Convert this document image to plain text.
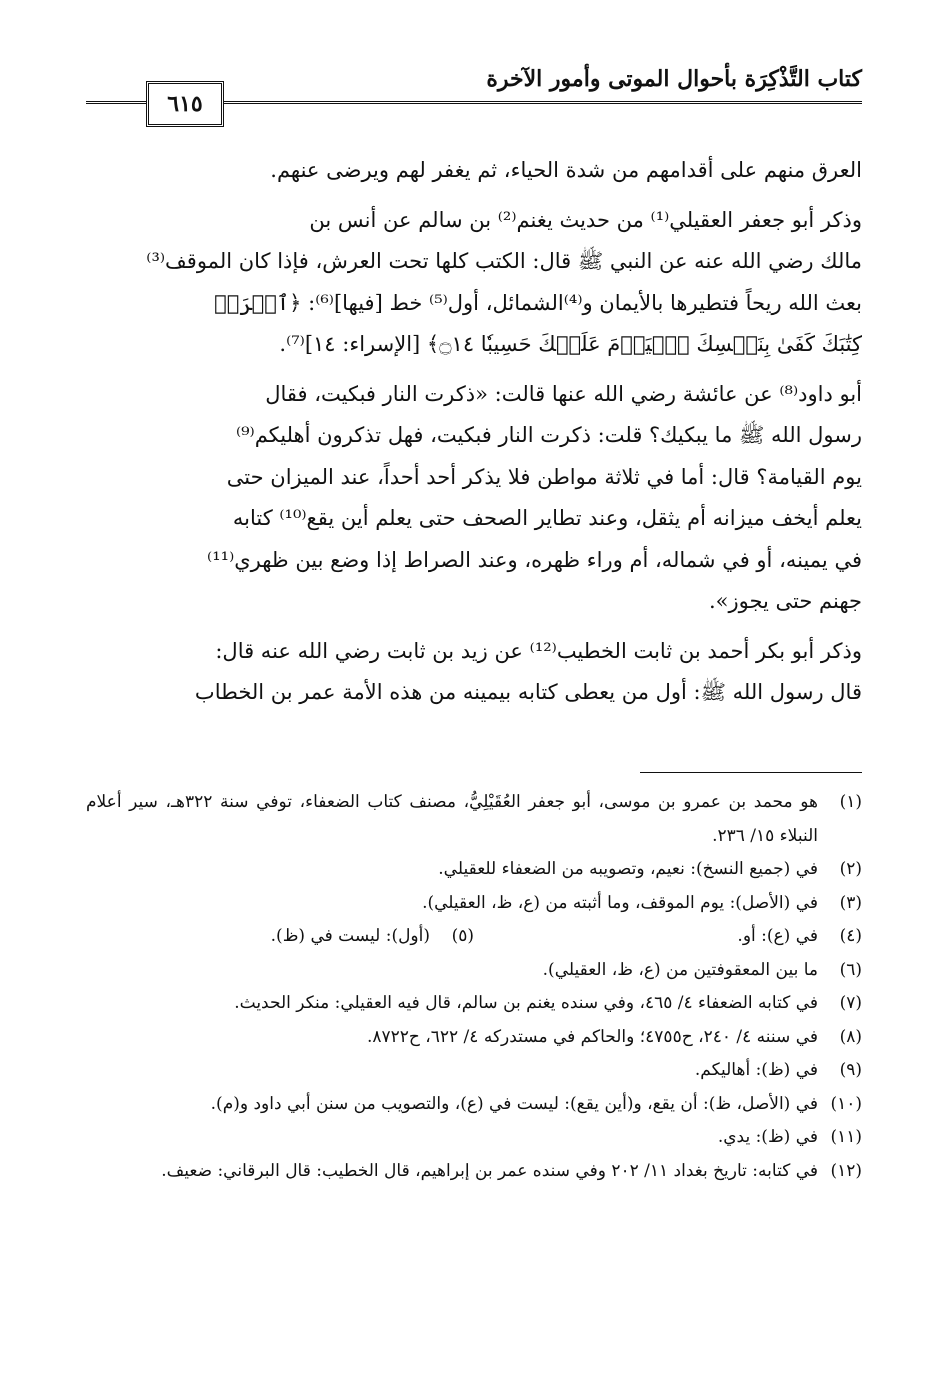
كتاب التَّذْكِرَة بأحوال الموتى وأمور الآخرة
٦١٥

العرق منهم على أقدامهم من شدة الحياء، ثم يغفر لهم ويرضى عنهم.

وذكر أبو جعفر العقيلي⁽¹⁾ من حديث يغنم⁽²⁾ بن سالم عن أنس بن

مالك رضي الله عنه عن النبي ﷺ قال: الكتب كلها تحت العرش، فإذا كان الموقف⁽³⁾

بعث الله ريحاً فتطيرها بالأيمان و⁽⁴⁾الشمائل، أول⁽⁵⁾ خط [فيها]⁽⁶⁾: ﴿ٱقۡرَأۡ

كِتَٰبَكَ كَفَىٰ بِنَفۡسِكَ ٱلۡيَوۡمَ عَلَيۡكَ حَسِيبٗا ۝١٤﴾ [الإسراء: ١٤]⁽⁷⁾.

أبو داود⁽⁸⁾ عن عائشة رضي الله عنها قالت: «ذكرت النار فبكيت، فقال

رسول الله ﷺ ما يبكيك؟ قلت: ذكرت النار فبكيت، فهل تذكرون أهليكم⁽⁹⁾

يوم القيامة؟ قال: أما في ثلاثة مواطن فلا يذكر أحد أحداً، عند الميزان حتى

يعلم أيخف ميزانه أم يثقل، وعند تطاير الصحف حتى يعلم أين يقع⁽¹⁰⁾ كتابه

في يمينه، أو في شماله، أم وراء ظهره، وعند الصراط إذا وضع بين ظهري⁽¹¹⁾

جهنم حتى يجوز».

وذكر أبو بكر أحمد بن ثابت الخطيب⁽¹²⁾ عن زيد بن ثابت رضي الله عنه قال:

قال رسول الله ﷺ: أول من يعطى كتابه بيمينه من هذه الأمة عمر بن الخطاب

(١)
هو محمد بن عمرو بن موسى، أبو جعفر العُقَيْلِيُّ، مصنف كتاب الضعفاء، توفي سنة ٣٢٢هـ، سير أعلام النبلاء ١٥/ ٢٣٦.
(٢)
في (جميع النسخ): نعيم، وتصويبه من الضعفاء للعقيلي.
(٣)
في (الأصل): يوم الموقف، وما أثبته من (ع، ظ، العقيلي).
(٤)
في (ع): أو.
(٥)
(أول): ليست في (ظ).
(٦)
ما بين المعقوفتين من (ع، ظ، العقيلي).
(٧)
في كتابه الضعفاء ٤/ ٤٦٥، وفي سنده يغنم بن سالم، قال فيه العقيلي: منكر الحديث.
(٨)
في سننه ٤/ ٢٤٠، ح٤٧٥٥؛ والحاكم في مستدركه ٤/ ٦٢٢، ح٨٧٢٢.
(٩)
في (ظ): أهاليكم.
(١٠)
في (الأصل، ظ): أن يقع، و(أين يقع): ليست في (ع)، والتصويب من سنن أبي داود و(م).
(١١)
في (ظ): يدي.
(١٢)
في كتابه: تاريخ بغداد ١١/ ٢٠٢ وفي سنده عمر بن إبراهيم، قال الخطيب: قال البرقاني: ضعيف.
